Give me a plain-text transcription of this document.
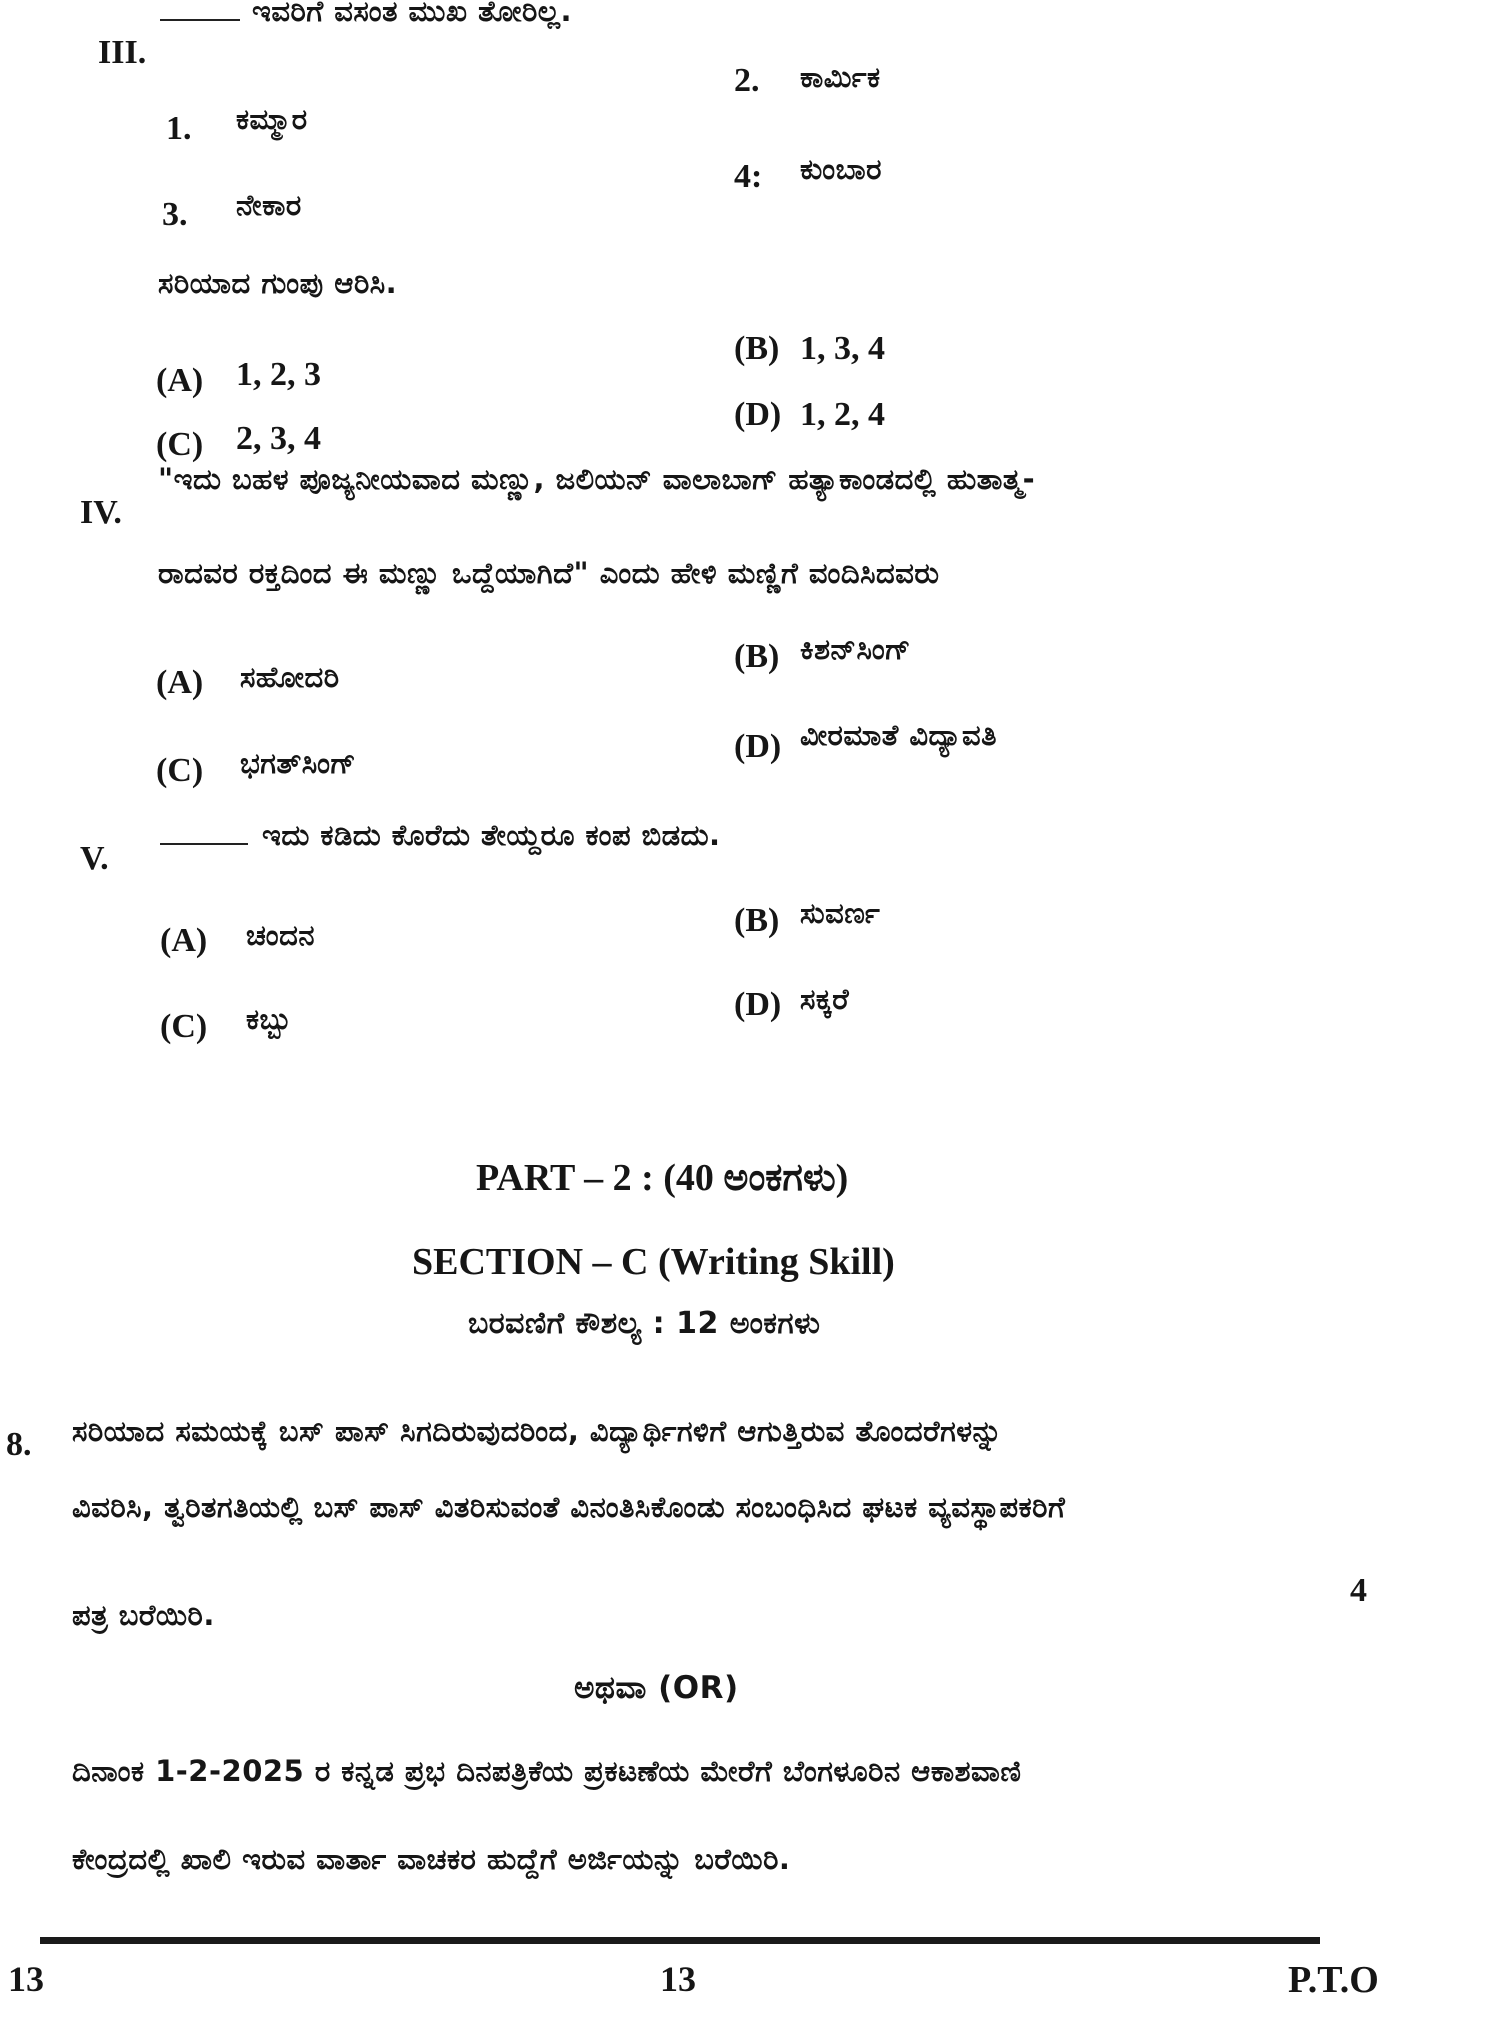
III.
ಇವರಿಗೆ ವಸಂತ ಮುಖ ತೋರಿಲ್ಲ.
2. ಕಾರ್ಮಿಕ
1. ಕಮ್ಮಾರ
4: ಕುಂಬಾರ
3. ನೇಕಾರ
ಸರಿಯಾದ ಗುಂಪು ಆರಿಸಿ.
(B) 1, 3, 4
(A) 1, 2, 3
(D) 1, 2, 4
(C) 2, 3, 4
IV.
"ಇದು ಬಹಳ ಪೂಜ್ಯನೀಯವಾದ ಮಣ್ಣು, ಜಲಿಯನ್ ವಾಲಾಬಾಗ್ ಹತ್ಯಾಕಾಂಡದಲ್ಲಿ ಹುತಾತ್ಮ-
ರಾದವರ ರಕ್ತದಿಂದ ಈ ಮಣ್ಣು ಒದ್ದೆಯಾಗಿದೆ" ಎಂದು ಹೇಳಿ ಮಣ್ಣಿಗೆ ವಂದಿಸಿದವರು
(B) ಕಿಶನ್‌ಸಿಂಗ್
(A) ಸಹೋದರಿ
(D) ವೀರಮಾತೆ ವಿದ್ಯಾವತಿ
(C) ಭಗತ್‌ಸಿಂಗ್
V.
ಇದು ಕಡಿದು ಕೊರೆದು ತೇಯ್ದರೂ ಕಂಪ ಬಿಡದು.
(B) ಸುವರ್ಣ
(A) ಚಂದನ
(D) ಸಕ್ಕರೆ
(C) ಕಬ್ಬು
PART – 2 : (40 ಅಂಕಗಳು)
SECTION – C (Writing Skill)
ಬರವಣಿಗೆ ಕೌಶಲ್ಯ : 12 ಅಂಕಗಳು
8. ಸರಿಯಾದ ಸಮಯಕ್ಕೆ ಬಸ್ ಪಾಸ್ ಸಿಗದಿರುವುದರಿಂದ, ವಿದ್ಯಾರ್ಥಿಗಳಿಗೆ ಆಗುತ್ತಿರುವ ತೊಂದರೆಗಳನ್ನು
ವಿವರಿಸಿ, ತ್ವರಿತಗತಿಯಲ್ಲಿ ಬಸ್ ಪಾಸ್ ವಿತರಿಸುವಂತೆ ವಿನಂತಿಸಿಕೊಂಡು ಸಂಬಂಧಿಸಿದ ಘಟಕ ವ್ಯವಸ್ಥಾಪಕರಿಗೆ
ಪತ್ರ ಬರೆಯಿರಿ.
4
ಅಥವಾ (OR)
ದಿನಾಂಕ 1-2-2025 ರ ಕನ್ನಡ ಪ್ರಭ ದಿನಪತ್ರಿಕೆಯ ಪ್ರಕಟಣೆಯ ಮೇರೆಗೆ ಬೆಂಗಳೂರಿನ ಆಕಾಶವಾಣಿ
ಕೇಂದ್ರದಲ್ಲಿ ಖಾಲಿ ಇರುವ ವಾರ್ತಾ ವಾಚಕರ ಹುದ್ದೆಗೆ ಅರ್ಜಿಯನ್ನು ಬರೆಯಿರಿ.
13	13	P.T.O
